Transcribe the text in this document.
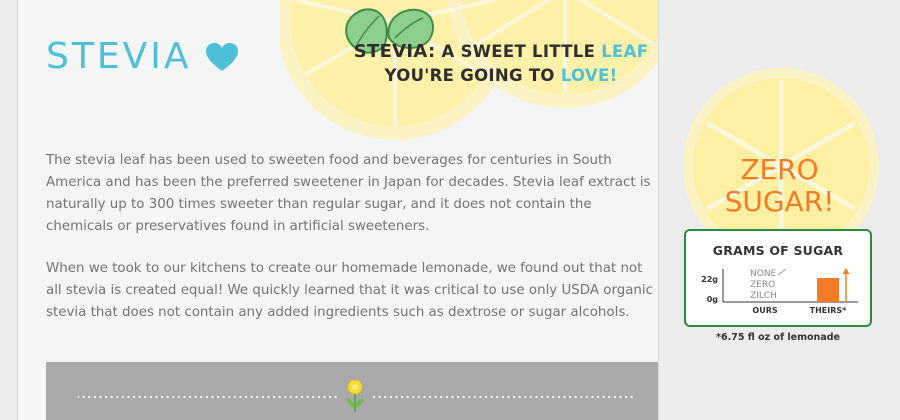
STEVIA	STEVIA: A SWEET LITTLE LEAF
YOU'RE GOING TO LOVE!

The stevia leaf has been used to sweeten food and beverages for centuries in South America and has been the preferred sweetener in Japan for decades. Stevia leaf extract is naturally up to 300 times sweeter than regular sugar, and it does not contain the chemicals or preservatives found in artificial sweeteners.

When we took to our kitchens to create our homemade lemonade, we found out that not all stevia is created equal! We quickly learned that it was critical to use only USDA organic stevia that does not contain any added ingredients such as dextrose or sugar alcohols.

ZERO
SUGAR!
GRAMS OF SUGAR
22g
0g
NONE
ZERO
ZILCH
OURS	THEIRS*
*6.75 fl oz of lemonade
